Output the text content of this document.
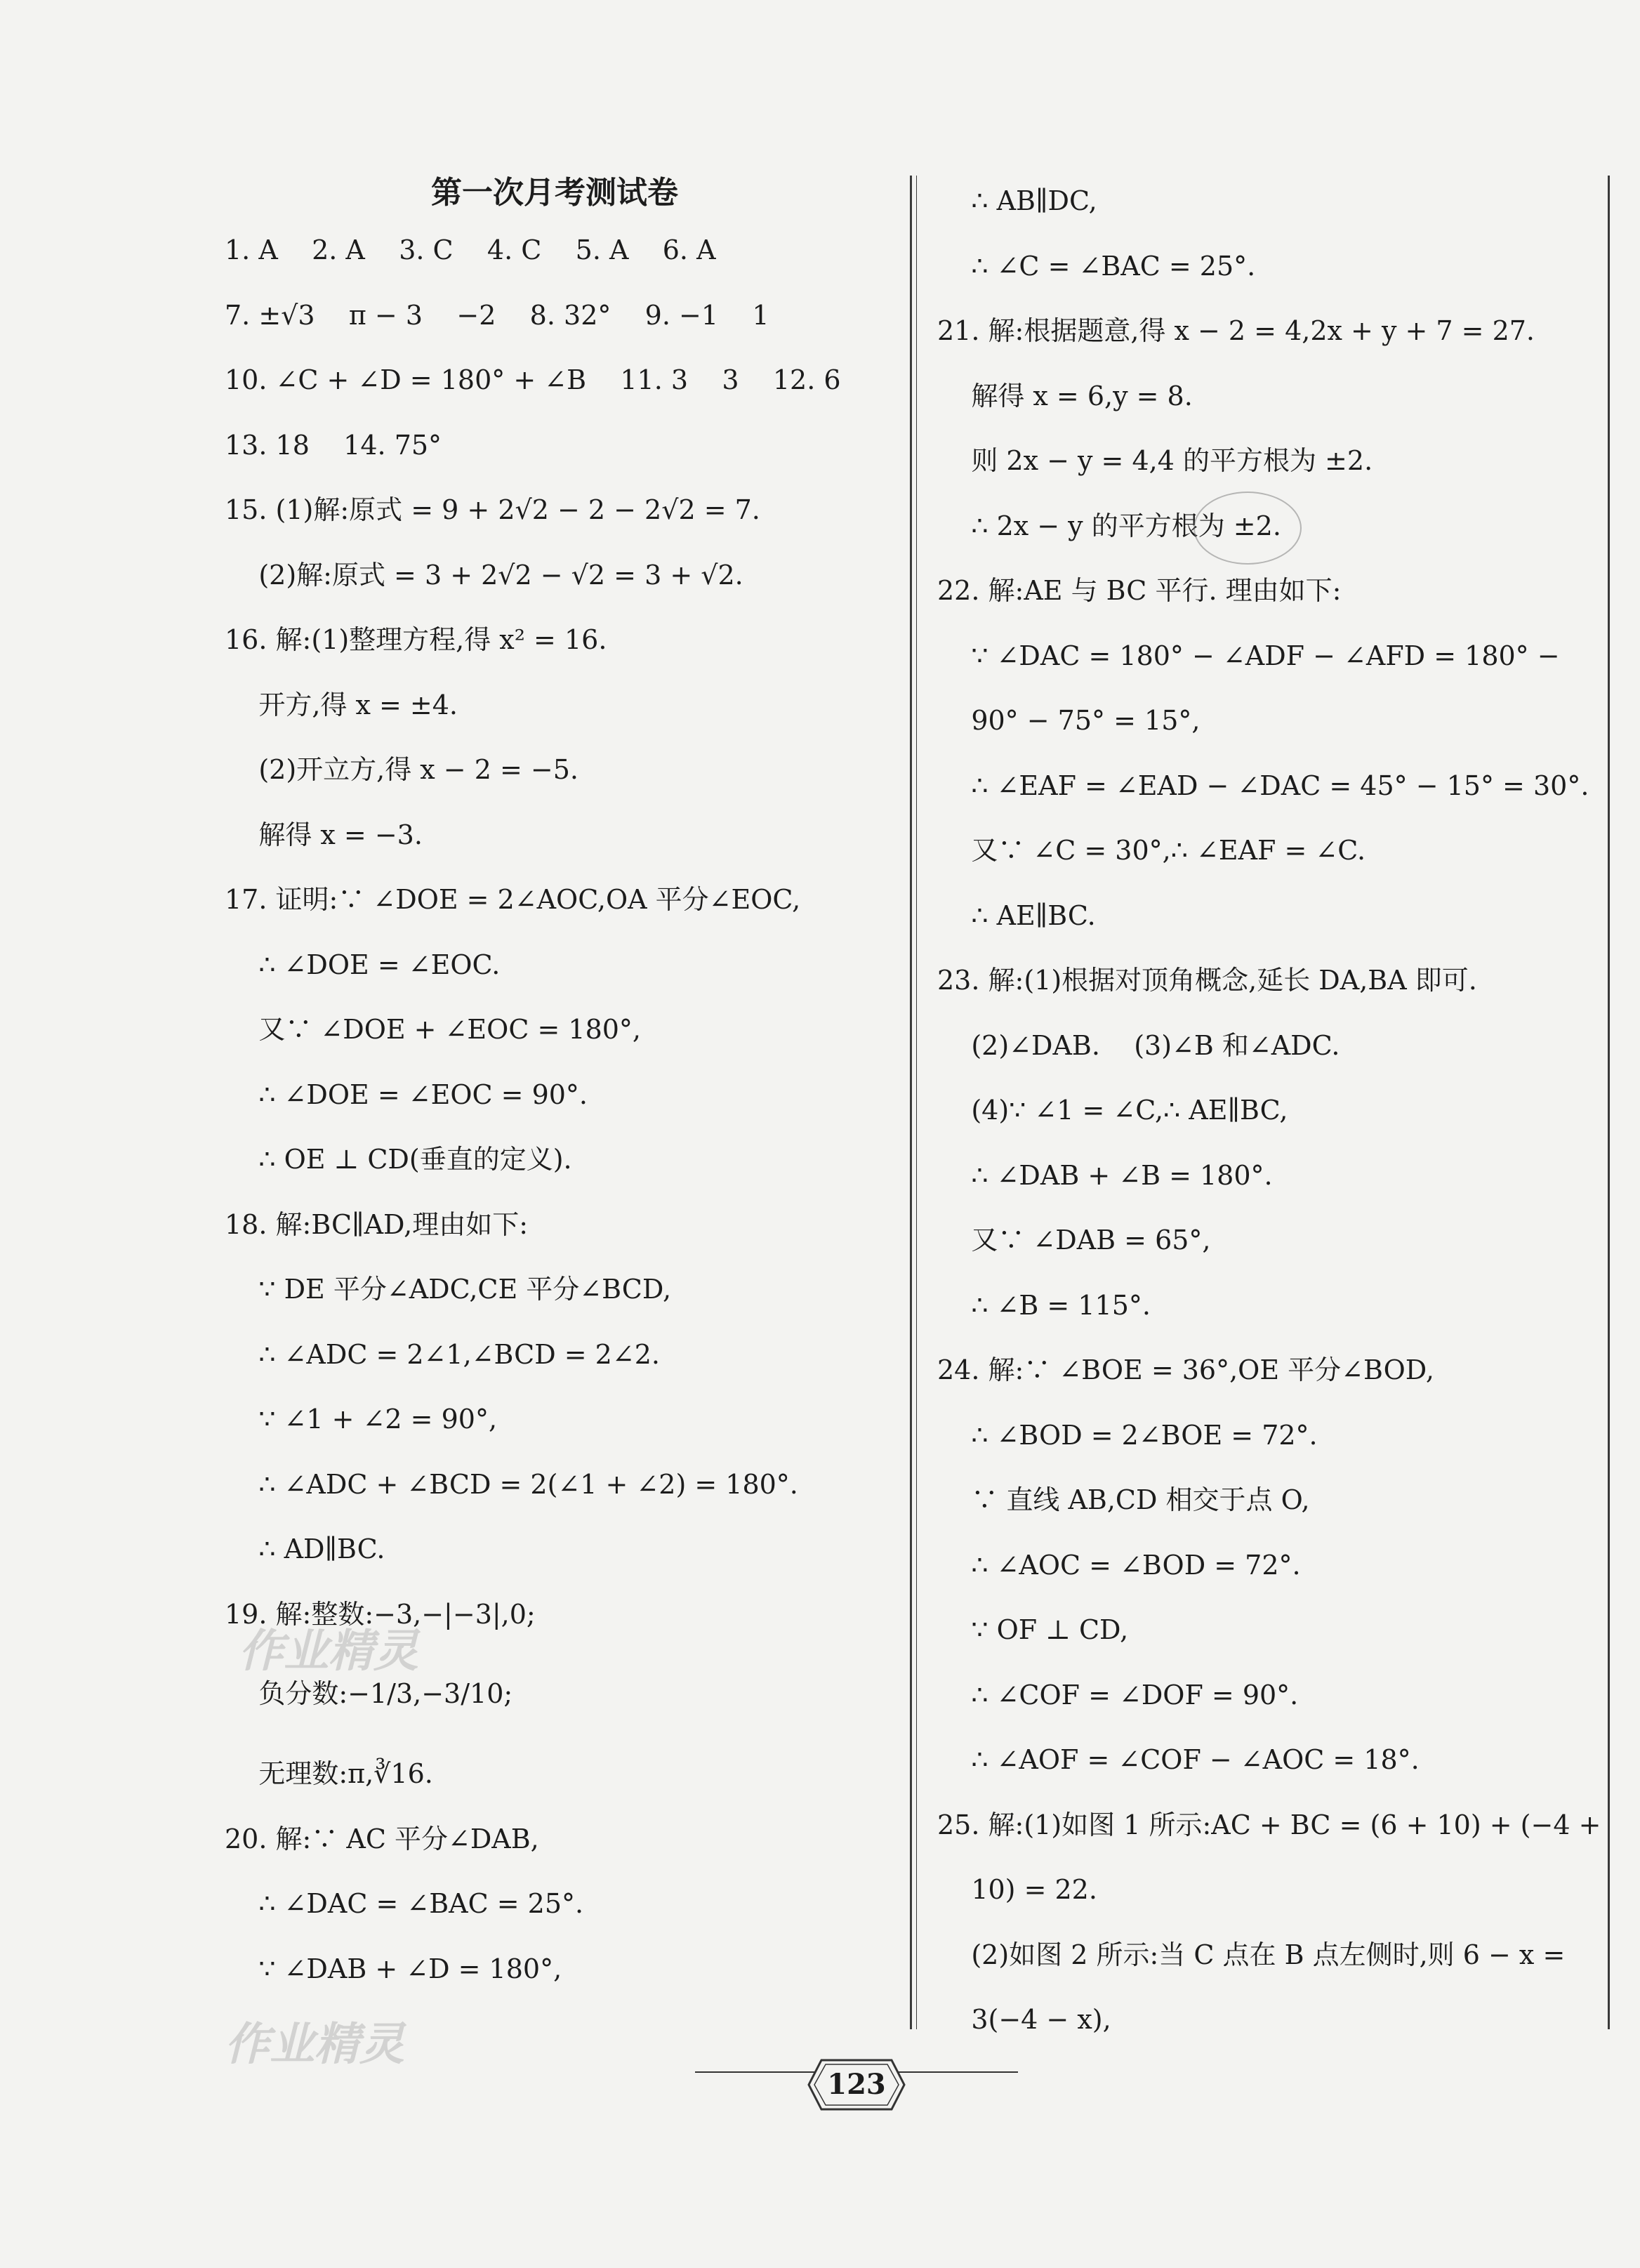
第一次月考测试卷
1. A    2. A    3. C    4. C    5. A    6. A
7. ±√3    π − 3    −2    8. 32°    9. −1    1
10. ∠C + ∠D = 180° + ∠B    11. 3    3    12. 6
13. 18    14. 75°
15. (1)解:原式 = 9 + 2√2 − 2 − 2√2 = 7.
(2)解:原式 = 3 + 2√2 − √2 = 3 + √2.
16. 解:(1)整理方程,得 x² = 16.
开方,得 x = ±4.
(2)开立方,得 x − 2 = −5.
解得 x = −3.
17. 证明:∵ ∠DOE = 2∠AOC,OA 平分∠EOC,
∴ ∠DOE = ∠EOC.
又∵ ∠DOE + ∠EOC = 180°,
∴ ∠DOE = ∠EOC = 90°.
∴ OE ⊥ CD(垂直的定义).
18. 解:BC∥AD,理由如下:
∵ DE 平分∠ADC,CE 平分∠BCD,
∴ ∠ADC = 2∠1,∠BCD = 2∠2.
∵ ∠1 + ∠2 = 90°,
∴ ∠ADC + ∠BCD = 2(∠1 + ∠2) = 180°.
∴ AD∥BC.
19. 解:整数:−3,−|−3|,0;
负分数:−1/3,−3/10;
无理数:π,∛16.
20. 解:∵ AC 平分∠DAB,
∴ ∠DAC = ∠BAC = 25°.
∵ ∠DAB + ∠D = 180°,
∴ AB∥DC,
∴ ∠C = ∠BAC = 25°.
21. 解:根据题意,得 x − 2 = 4,2x + y + 7 = 27.
解得 x = 6,y = 8.
则 2x − y = 4,4 的平方根为 ±2.
∴ 2x − y 的平方根为 ±2.
22. 解:AE 与 BC 平行. 理由如下:
∵ ∠DAC = 180° − ∠ADF − ∠AFD = 180° −
90° − 75° = 15°,
∴ ∠EAF = ∠EAD − ∠DAC = 45° − 15° = 30°.
又∵ ∠C = 30°,∴ ∠EAF = ∠C.
∴ AE∥BC.
23. 解:(1)根据对顶角概念,延长 DA,BA 即可.
(2)∠DAB.    (3)∠B 和∠ADC.
(4)∵ ∠1 = ∠C,∴ AE∥BC,
∴ ∠DAB + ∠B = 180°.
又∵ ∠DAB = 65°,
∴ ∠B = 115°.
24. 解:∵ ∠BOE = 36°,OE 平分∠BOD,
∴ ∠BOD = 2∠BOE = 72°.
∵ 直线 AB,CD 相交于点 O,
∴ ∠AOC = ∠BOD = 72°.
∵ OF ⊥ CD,
∴ ∠COF = ∠DOF = 90°.
∴ ∠AOF = ∠COF − ∠AOC = 18°.
25. 解:(1)如图 1 所示:AC + BC = (6 + 10) + (−4 +
10) = 22.
(2)如图 2 所示:当 C 点在 B 点左侧时,则 6 − x =
3(−4 − x),
作业精灵
作业精灵
123
